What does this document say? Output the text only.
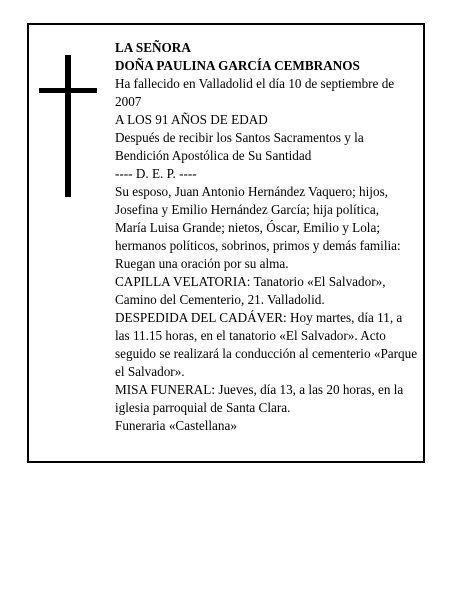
LA SEÑORA

DOÑA PAULINA GARCÍA CEMBRANOS

Ha fallecido en Valladolid el día 10 de septiembre de

2007

A LOS 91 AÑOS DE EDAD

Después de recibir los Santos Sacramentos y la

Bendición Apostólica de Su Santidad

---- D. E. P. ----

Su esposo, Juan Antonio Hernández Vaquero; hijos,

Josefina y Emilio Hernández García; hija política,

María Luisa Grande; nietos, Óscar, Emilio y Lola;

hermanos políticos, sobrinos, primos y demás familia:

Ruegan una oración por su alma.

CAPILLA VELATORIA: Tanatorio «El Salvador»,

Camino del Cementerio, 21. Valladolid.

DESPEDIDA DEL CADÁVER: Hoy martes, día 11, a

las 11.15 horas, en el tanatorio «El Salvador». Acto

seguido se realizará la conducción al cementerio «Parque

el Salvador».

MISA FUNERAL: Jueves, día 13, a las 20 horas, en la

iglesia parroquial de Santa Clara.

Funeraria «Castellana»
